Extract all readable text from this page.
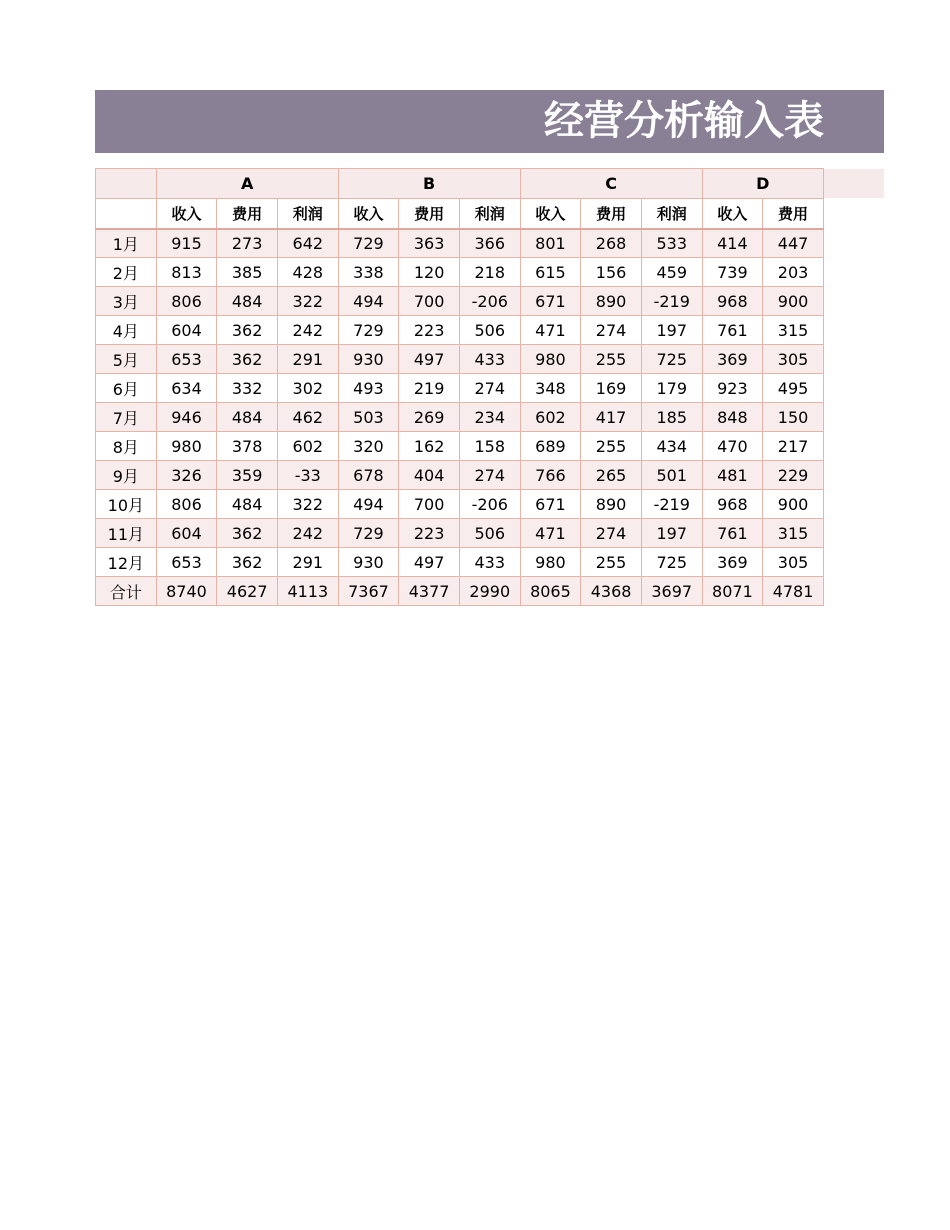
经营分析输入表
	A			B			C			D	
	收入	费用	利润	收入	费用	利润	收入	费用	利润	收入	费用
1月	915	273	642	729	363	366	801	268	533	414	447
2月	813	385	428	338	120	218	615	156	459	739	203
3月	806	484	322	494	700	-206	671	890	-219	968	900
4月	604	362	242	729	223	506	471	274	197	761	315
5月	653	362	291	930	497	433	980	255	725	369	305
6月	634	332	302	493	219	274	348	169	179	923	495
7月	946	484	462	503	269	234	602	417	185	848	150
8月	980	378	602	320	162	158	689	255	434	470	217
9月	326	359	-33	678	404	274	766	265	501	481	229
10月	806	484	322	494	700	-206	671	890	-219	968	900
11月	604	362	242	729	223	506	471	274	197	761	315
12月	653	362	291	930	497	433	980	255	725	369	305
合计	8740	4627	4113	7367	4377	2990	8065	4368	3697	8071	4781
